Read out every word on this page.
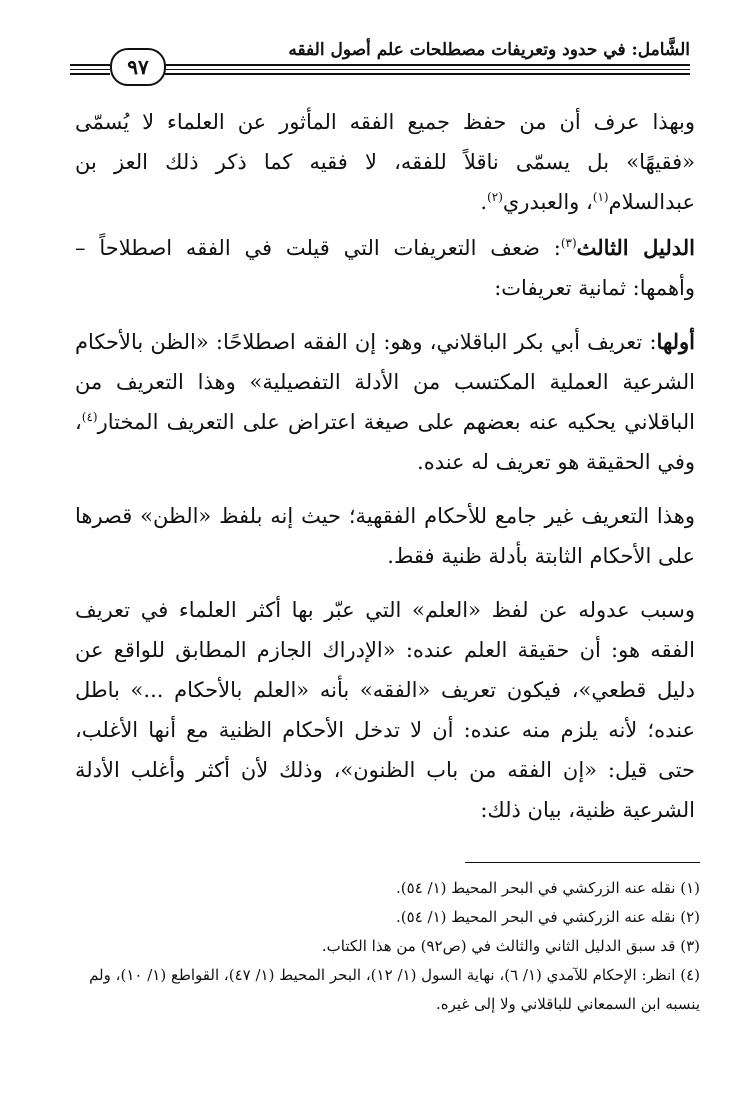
الشَّامل: في حدود وتعريفات مصطلحات علم أصول الفقه
٩٧

وبهذا عرف أن من حفظ جميع الفقه المأثور عن العلماء لا يُسمّى «فقيهًا» بل يسمّى ناقلاً للفقه، لا فقيه كما ذكر ذلك العز بن عبدالسلام$^{(١)}$، والعبدري$^{(٢)}$.

الدليل الثالث$^{(٣)}$: ضعف التعريفات التي قيلت في الفقه اصطلاحاً – وأهمها: ثمانية تعريفات:

أولها: تعريف أبي بكر الباقلاني، وهو: إن الفقه اصطلاحًا: «الظن بالأحكام الشرعية العملية المكتسب من الأدلة التفصيلية» وهذا التعريف من الباقلاني يحكيه عنه بعضهم على صيغة اعتراض على التعريف المختار$^{(٤)}$، وفي الحقيقة هو تعريف له عنده.

وهذا التعريف غير جامع للأحكام الفقهية؛ حيث إنه بلفظ «الظن» قصرها على الأحكام الثابتة بأدلة ظنية فقط.

وسبب عدوله عن لفظ «العلم» التي عبّر بها أكثر العلماء في تعريف الفقه هو: أن حقيقة العلم عنده: «الإدراك الجازم المطابق للواقع عن دليل قطعي»، فيكون تعريف «الفقه» بأنه «العلم بالأحكام ...» باطل عنده؛ لأنه يلزم منه عنده: أن لا تدخل الأحكام الظنية مع أنها الأغلب، حتى قيل: «إن الفقه من باب الظنون»، وذلك لأن أكثر وأغلب الأدلة الشرعية ظنية، بيان ذلك:

(١) نقله عنه الزركشي في البحر المحيط (١/ ٥٤).

(٢) نقله عنه الزركشي في البحر المحيط (١/ ٥٤).

(٣) قد سبق الدليل الثاني والثالث في (ص٩٢) من هذا الكتاب.

(٤) انظر: الإحكام للآمدي (١/ ٦)، نهاية السول (١/ ١٢)، البحر المحيط (١/ ٤٧)، القواطع (١/ ١٠)، ولم ينسبه ابن السمعاني للباقلاني ولا إلى غيره.
